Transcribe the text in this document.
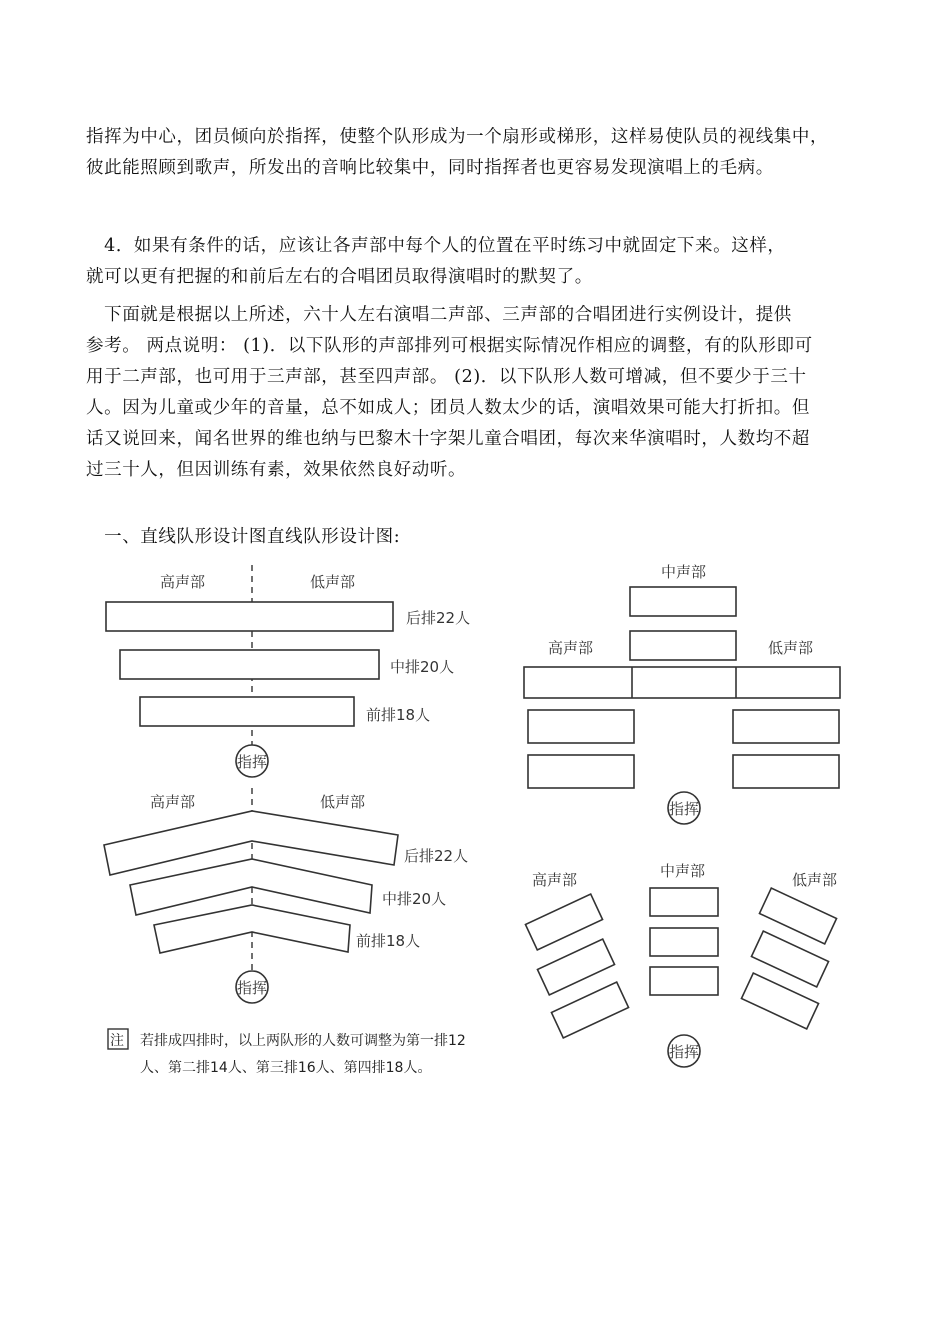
指挥为中心，团员倾向於指挥，使整个队形成为一个扇形或梯形，这样易使队员的视线集中，
彼此能照顾到歌声，所发出的音响比较集中，同时指挥者也更容易发现演唱上的毛病。
　4．如果有条件的话，应该让各声部中每个人的位置在平时练习中就固定下来。这样，
就可以更有把握的和前后左右的合唱团员取得演唱时的默契了。
　下面就是根据以上所述，六十人左右演唱二声部、三声部的合唱团进行实例设计，提供
参考。 两点说明： (1)．以下队形的声部排列可根据实际情况作相应的调整，有的队形即可
用于二声部，也可用于三声部，甚至四声部。 (2)．以下队形人数可增减，但不要少于三十
人。因为儿童或少年的音量，总不如成人；团员人数太少的话，演唱效果可能大打折扣。但
话又说回来，闻名世界的维也纳与巴黎木十字架儿童合唱团，每次来华演唱时，人数均不超
过三十人，但因训练有素，效果依然良好动听。
　一、直线队形设计图直线队形设计图:
高声部	低声部
后排22人
中排20人
前排18人
指挥
高声部	低声部
后排22人
中排20人
前排18人
指挥
注 若排成四排时，以上两队形的人数可调整为第一排12
人、第二排14人、第三排16人、第四排18人。
中声部
高声部	低声部
指挥
高声部	中声部	低声部
指挥
